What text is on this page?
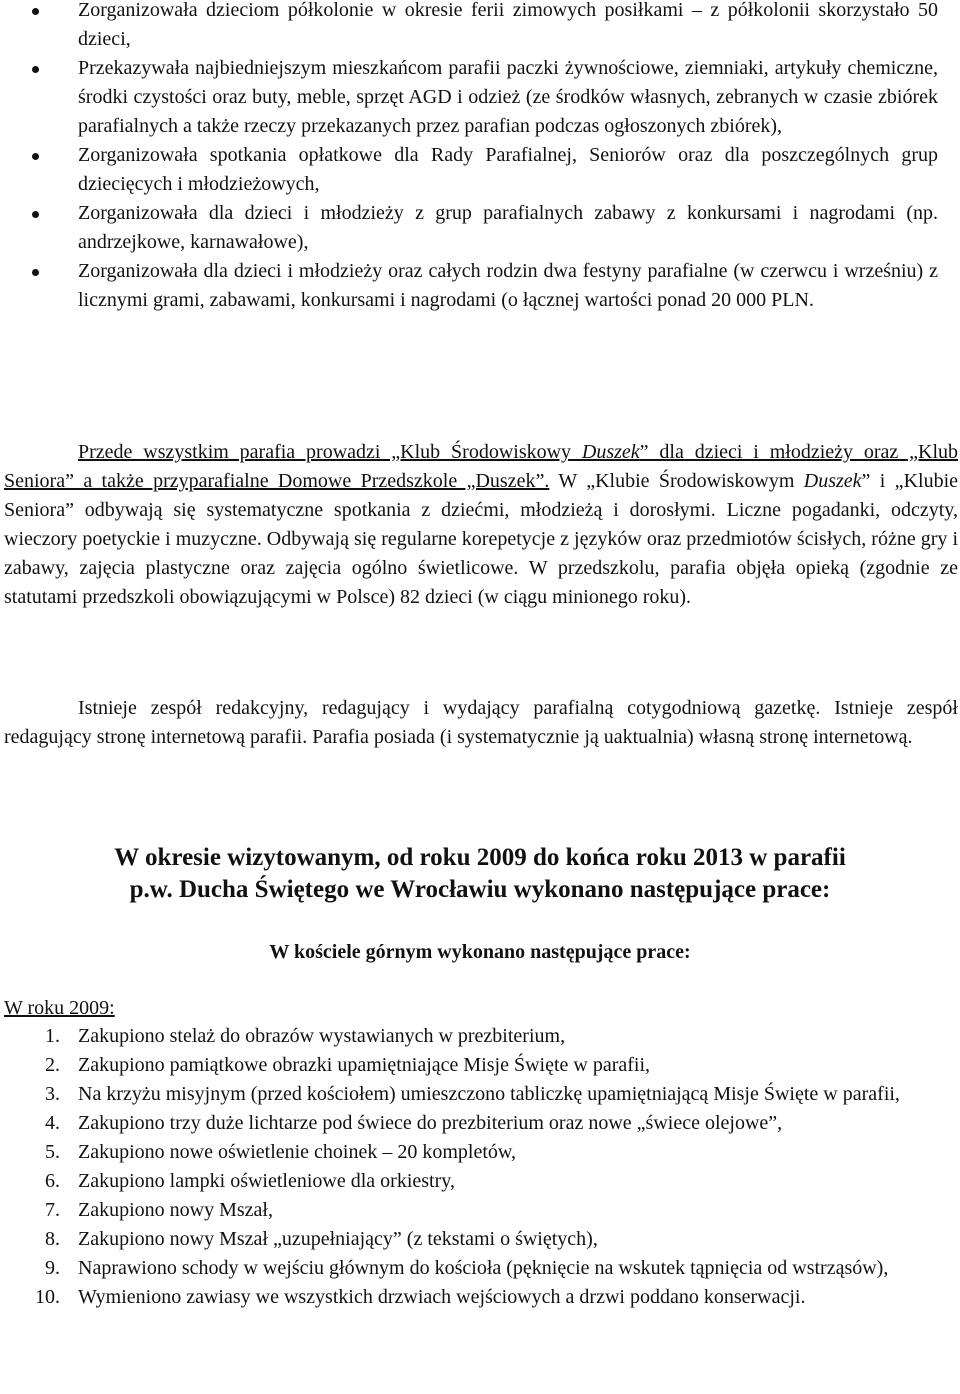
Zorganizowała dzieciom półkolonie w okresie ferii zimowych posiłkami – z półkolonii skorzystało 50 dzieci,
Przekazywała najbiedniejszym mieszkańcom parafii paczki żywnościowe, ziemniaki, artykuły chemiczne, środki czystości oraz buty, meble, sprzęt AGD i odzież (ze środków własnych, zebranych w czasie zbiórek parafialnych a także rzeczy przekazanych przez parafian podczas ogłoszonych zbiórek),
Zorganizowała spotkania opłatkowe dla Rady Parafialnej, Seniorów oraz dla poszczególnych grup dziecięcych i młodzieżowych,
Zorganizowała dla dzieci i młodzieży z grup parafialnych zabawy z konkursami i nagrodami (np. andrzejkowe, karnawałowe),
Zorganizowała dla dzieci i młodzieży oraz całych rodzin dwa festyny parafialne (w czerwcu i wrześniu) z licznymi grami, zabawami, konkursami i nagrodami (o łącznej wartości ponad 20 000 PLN.

Przede wszystkim parafia prowadzi „Klub Środowiskowy Duszek” dla dzieci i młodzieży oraz „Klub Seniora” a także przyparafialne Domowe Przedszkole „Duszek”. W „Klubie Środowiskowym Duszek” i „Klubie Seniora” odbywają się systematyczne spotkania z dziećmi, młodzieżą i dorosłymi. Liczne pogadanki, odczyty, wieczory poetyckie i muzyczne. Odbywają się regularne korepetycje z języków oraz przedmiotów ścisłych, różne gry i zabawy, zajęcia plastyczne oraz zajęcia ogólno świetlicowe. W przedszkolu, parafia objęła opieką (zgodnie ze statutami przedszkoli obowiązującymi w Polsce) 82 dzieci (w ciągu minionego roku).

Istnieje zespół redakcyjny, redagujący i wydający parafialną cotygodniową gazetkę. Istnieje zespół redagujący stronę internetową parafii. Parafia posiada (i systematycznie ją uaktualnia) własną stronę internetową.

W okresie wizytowanym, od roku 2009 do końca roku 2013 w parafii

p.w. Ducha Świętego we Wrocławiu wykonano następujące prace:

W kościele górnym wykonano następujące prace:

W roku 2009:

1. Zakupiono stelaż do obrazów wystawianych w prezbiterium,
2. Zakupiono pamiątkowe obrazki upamiętniające Misje Święte w parafii,
3. Na krzyżu misyjnym (przed kościołem) umieszczono tabliczkę upamiętniającą Misje Święte w parafii,
4. Zakupiono trzy duże lichtarze pod świece do prezbiterium oraz nowe „świece olejowe”,
5. Zakupiono nowe oświetlenie choinek – 20 kompletów,
6. Zakupiono lampki oświetleniowe dla orkiestry,
7. Zakupiono nowy Mszał,
8. Zakupiono nowy Mszał „uzupełniający” (z tekstami o świętych),
9. Naprawiono schody w wejściu głównym do kościoła (pęknięcie na wskutek tąpnięcia od wstrząsów),
10. Wymieniono zawiasy we wszystkich drzwiach wejściowych a drzwi poddano konserwacji.
